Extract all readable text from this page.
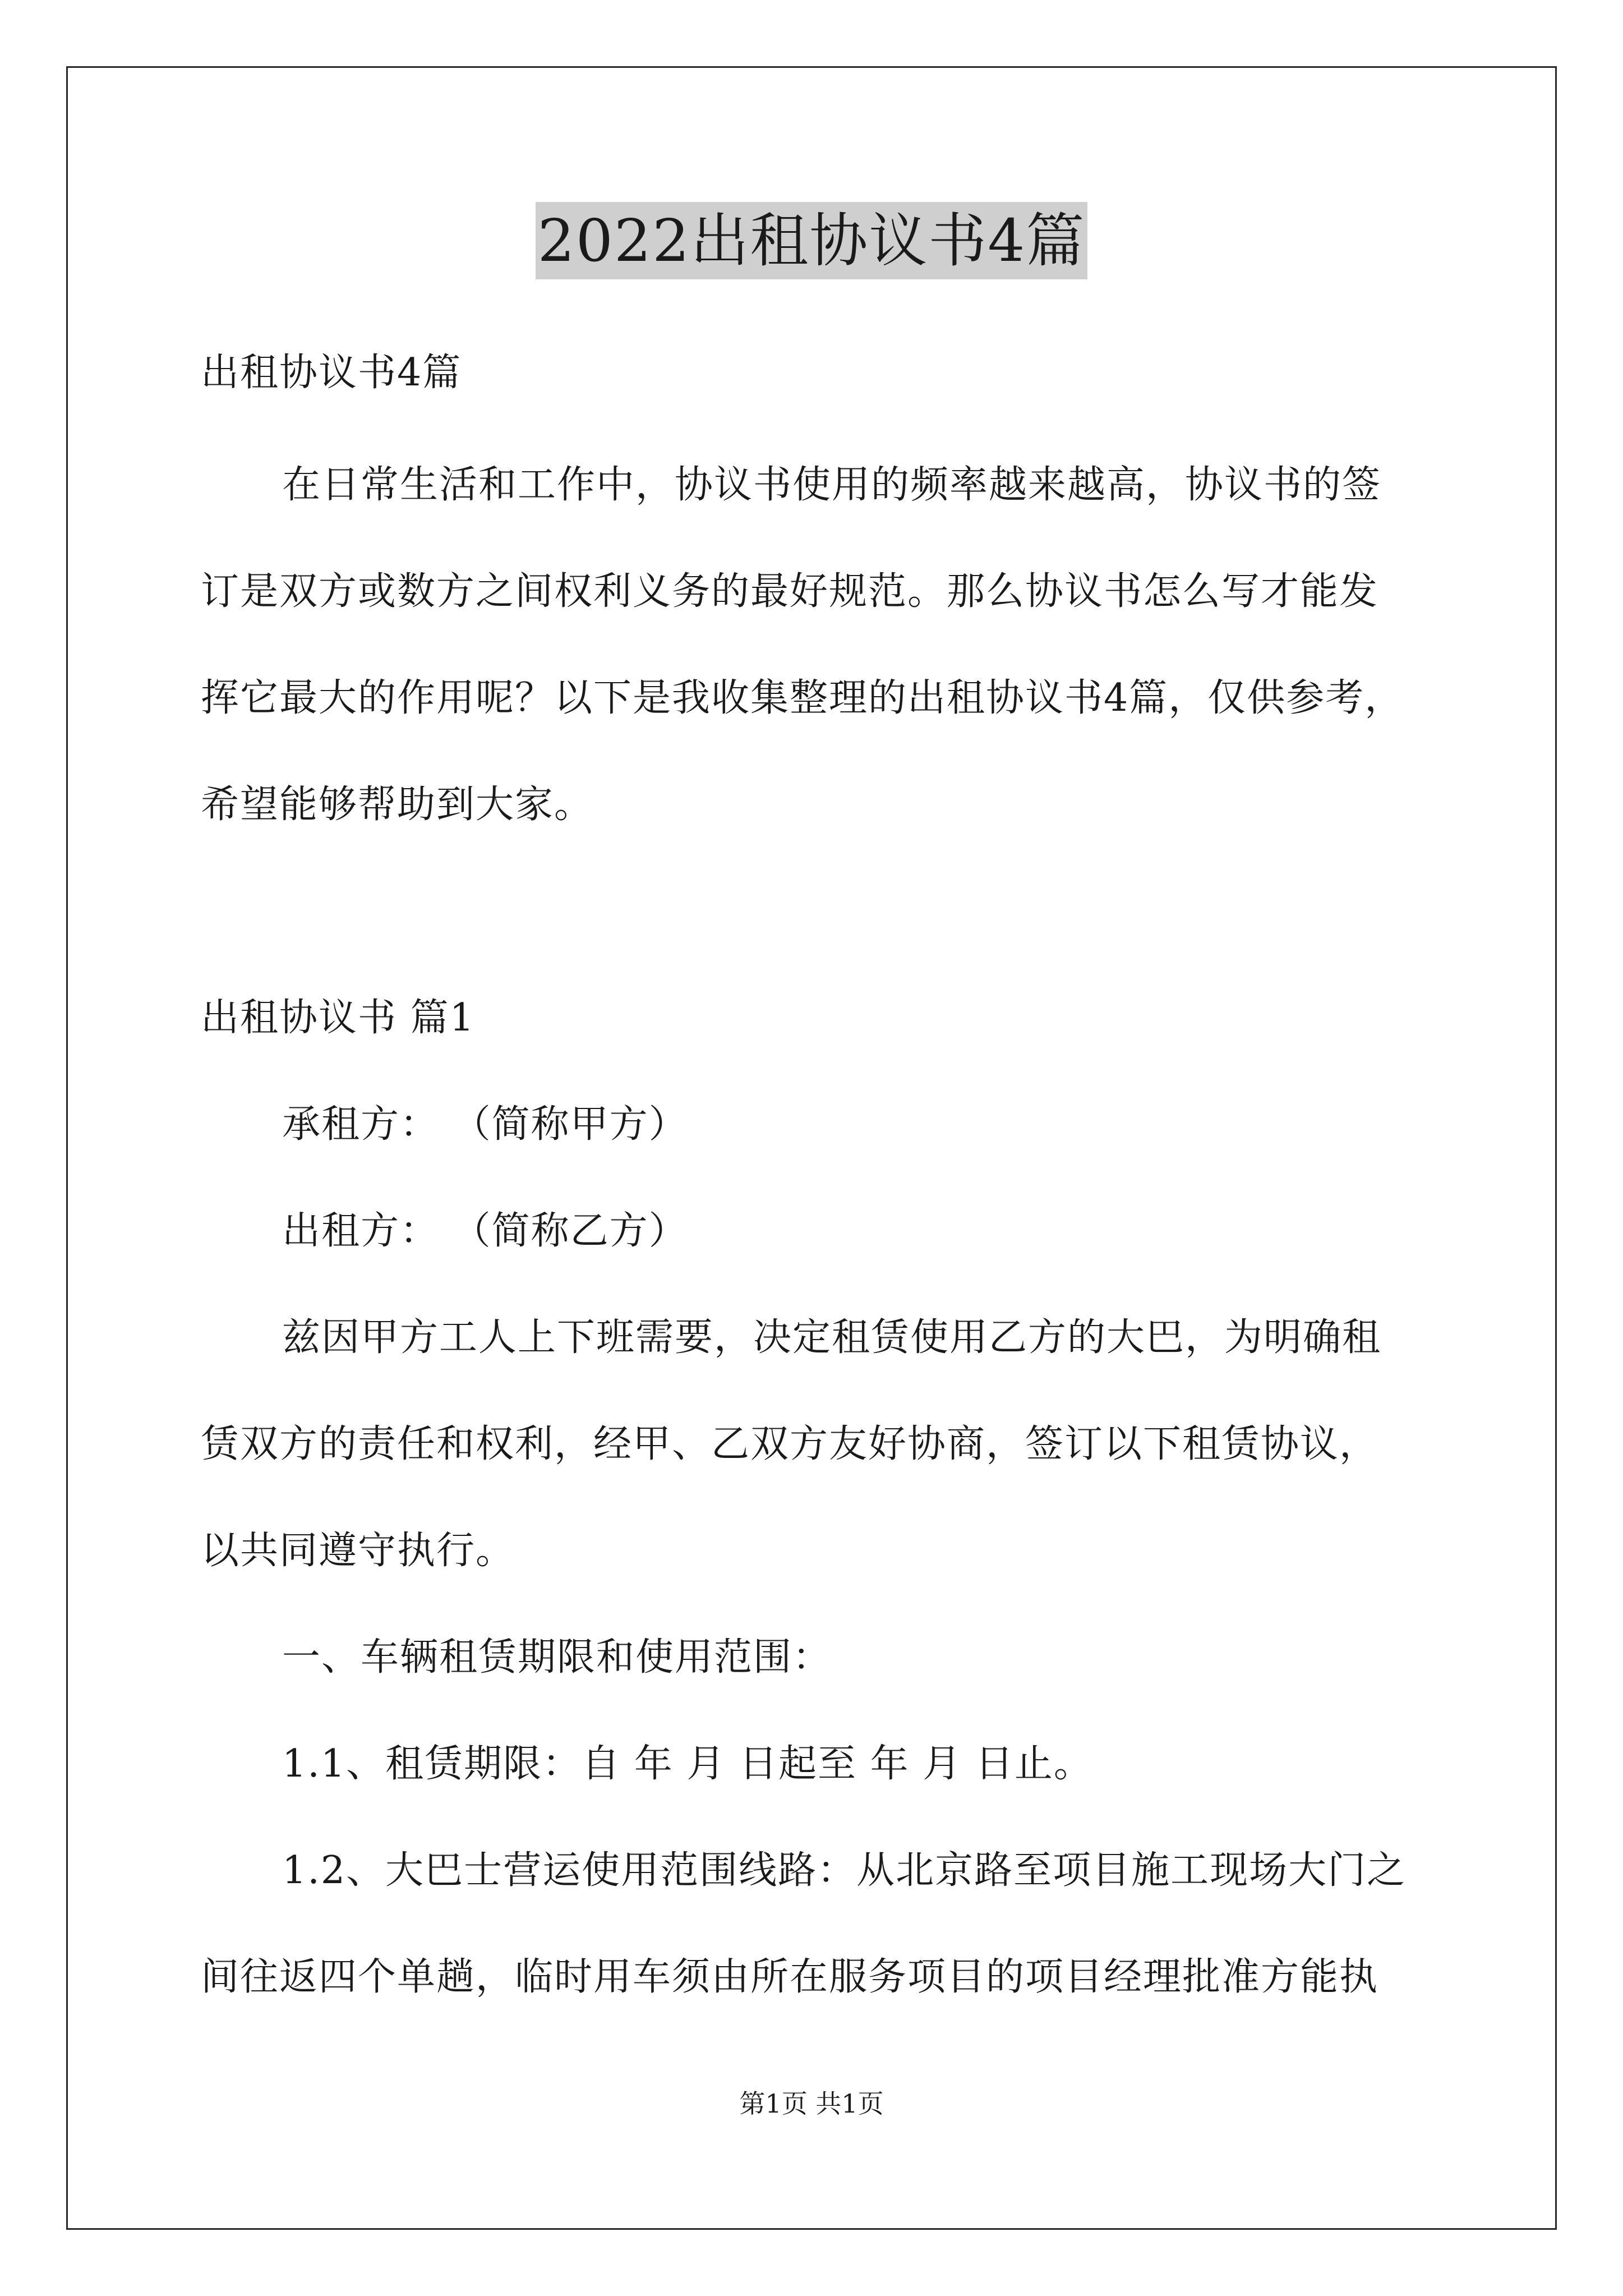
2022出租协议书4篇
出租协议书4篇
在日常生活和工作中，协议书使用的频率越来越高，协议书的签
订是双方或数方之间权利义务的最好规范。那么协议书怎么写才能发
挥它最大的作用呢？以下是我收集整理的出租协议书4篇，仅供参考，
希望能够帮助到大家。
出租协议书 篇1
承租方： （简称甲方）
出租方： （简称乙方）
兹因甲方工人上下班需要，决定租赁使用乙方的大巴，为明确租
赁双方的责任和权利，经甲、乙双方友好协商，签订以下租赁协议，
以共同遵守执行。
一、车辆租赁期限和使用范围：
1.1、租赁期限：自 年 月 日起至 年 月 日止。
1.2、大巴士营运使用范围线路：从北京路至项目施工现场大门之
间往返四个单趟，临时用车须由所在服务项目的项目经理批准方能执
第1页 共1页
